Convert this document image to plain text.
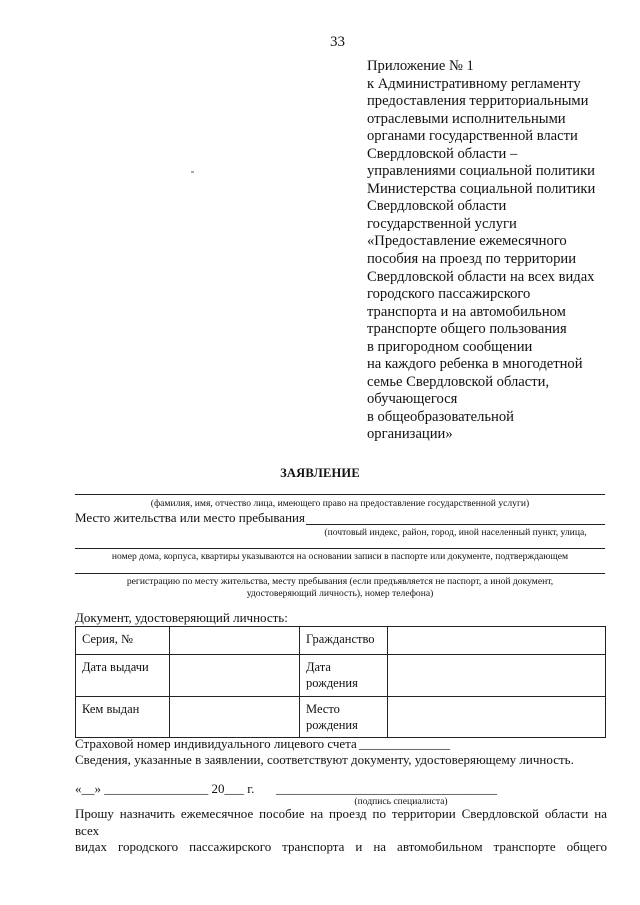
33
Приложение № 1
к Административному регламенту
предоставления территориальными
отраслевыми исполнительными
органами государственной власти
Свердловской области –
управлениями социальной политики
Министерства социальной политики
Свердловской области
государственной услуги
«Предоставление ежемесячного
пособия на проезд по территории
Свердловской области на всех видах
городского пассажирского
транспорта и на автомобильном
транспорте общего пользования
в пригородном сообщении
на каждого ребенка в многодетной
семье Свердловской области,
обучающегося
в общеобразовательной
организации»
ЗАЯВЛЕНИЕ
(фамилия, имя, отчество лица, имеющего право на предоставление государственной услуги)
Место жительства или место пребывания
(почтовый индекс, район, город, иной населенный пункт, улица,
номер дома, корпуса, квартиры указываются на основании записи в паспорте или документе, подтверждающем
регистрацию по месту жительства, месту пребывания (если предъявляется не паспорт, а иной документ,
удостоверяющий личность), номер телефона)
Документ, удостоверяющий личность:
Серия, №		Гражданство	
Дата выдачи		Дата рождения	
Кем выдан		Место рождения	
Страховой номер индивидуального лицевого счета ______________
Сведения, указанные в заявлении, соответствуют документу, удостоверяющему личность.
«__» ________________ 20___ г. __________________________________
(подпись специалиста)
Прошу назначить ежемесячное пособие на проезд по территории Свердловской области на всех
видах городского пассажирского транспорта и на автомобильном транспорте общего
